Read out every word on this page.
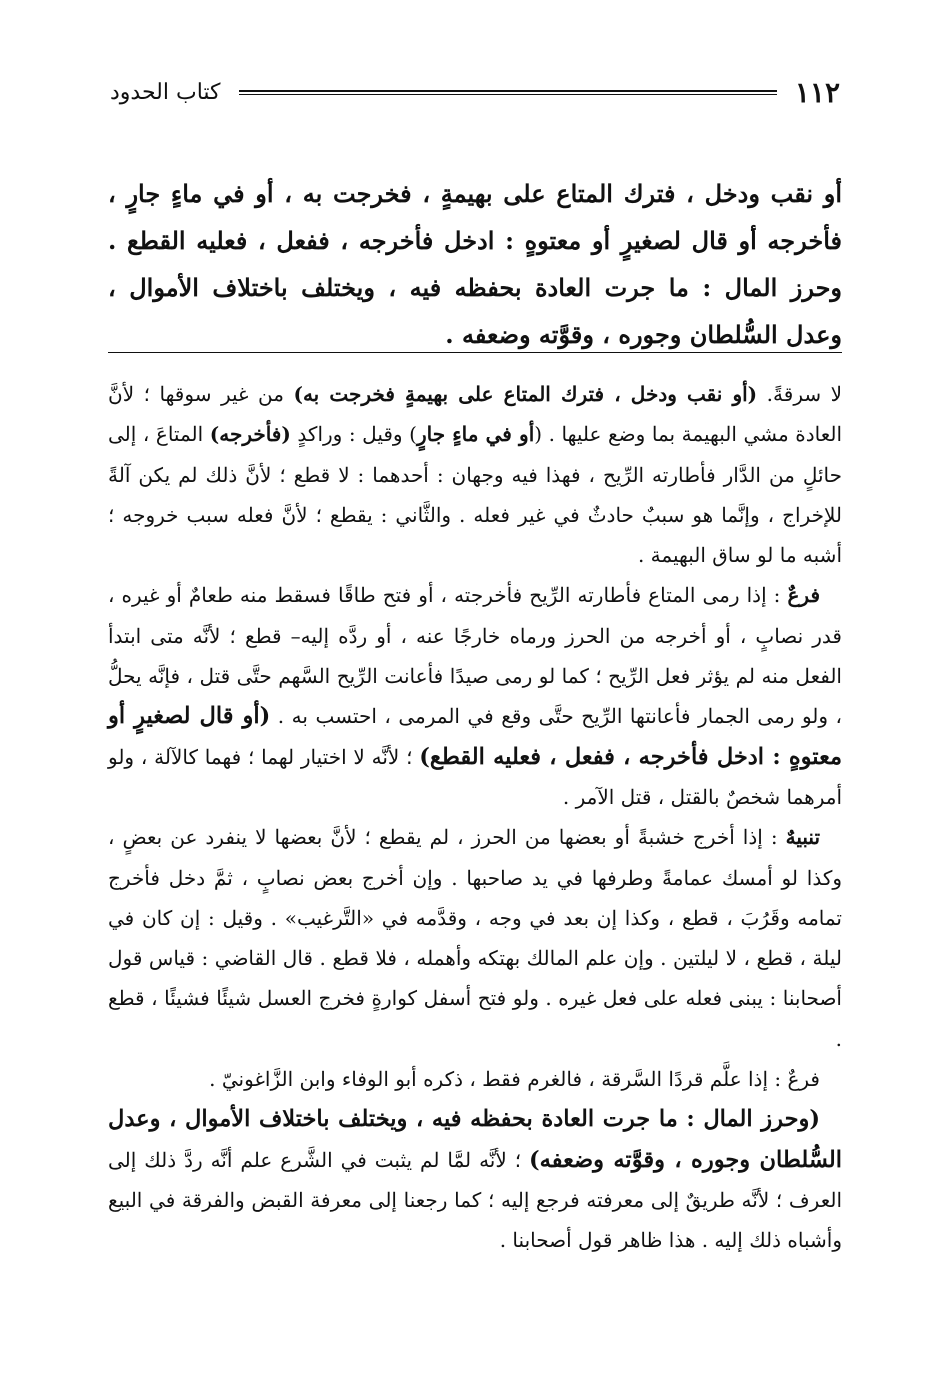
١١٢
كتاب الحدود

أو نقب ودخل ، فترك المتاع على بهيمةٍ ، فخرجت به ، أو في ماءٍ جارٍ ، فأخرجه أو قال لصغيرٍ أو معتوهٍ : ادخل فأخرجه ، ففعل ، فعليه القطع . وحرز المال : ما جرت العادة بحفظه فيه ، ويختلف باختلاف الأموال ، وعدل السُّلطان وجوره ، وقوَّته وضعفه .

لا سرقةً. (أو نقب ودخل ، فترك المتاع على بهيمةٍ فخرجت به) من غير سوقها ؛ لأنَّ العادة مشي البهيمة بما وضع عليها . (أو في ماءٍ جارٍ) وقيل : وراكدٍ (فأخرجه) المتاعَ ، إلى حائلٍ من الدَّار فأطارته الرِّيح ، فهذا فيه وجهان : أحدهما : لا قطع ؛ لأنَّ ذلك لم يكن آلةً للإخراج ، وإنَّما هو سببٌ حادثٌ في غير فعله . والثَّاني : يقطع ؛ لأنَّ فعله سبب خروجه ؛ أشبه ما لو ساق البهيمة .

فرعٌ : إذا رمى المتاع فأطارته الرِّيح فأخرجته ، أو فتح طاقًا فسقط منه طعامٌ أو غيره ، قدر نصابٍ ، أو أخرجه من الحرز ورماه خارجًا عنه ، أو ردَّه إليه– قطع ؛ لأنَّه متى ابتدأ الفعل منه لم يؤثر فعل الرِّيح ؛ كما لو رمى صيدًا فأعانت الرِّيح السَّهم حتَّى قتل ، فإنَّه يحلُّ ، ولو رمى الجمار فأعانتها الرِّيح حتَّى وقع في المرمى ، احتسب به . (أو قال لصغيرٍ أو معتوهٍ : ادخل فأخرجه ، ففعل ، فعليه القطع) ؛ لأنَّه لا اختيار لهما ؛ فهما كالآلة ، ولو أمرهما شخصٌ بالقتل ، قتل الآمر .

تنبيهٌ : إذا أخرج خشبةً أو بعضها من الحرز ، لم يقطع ؛ لأنَّ بعضها لا ينفرد عن بعضٍ ، وكذا لو أمسك عمامةً وطرفها في يد صاحبها . وإن أخرج بعض نصابٍ ، ثمَّ دخل فأخرج تمامه وقَرُبَ ، قطع ، وكذا إن بعد في وجه ، وقدَّمه في «التَّرغيب» . وقيل : إن كان في ليلة ، قطع ، لا ليلتين . وإن علم المالك بهتكه وأهمله ، فلا قطع . قال القاضي : قياس قول أصحابنا : يبنى فعله على فعل غيره . ولو فتح أسفل كوارةٍ فخرج العسل شيئًا فشيئًا ، قطع .

فرعٌ : إذا علَّم قردًا السَّرقة ، فالغرم فقط ، ذكره أبو الوفاء وابن الزَّاغونيّ .

(وحرز المال : ما جرت العادة بحفظه فيه ، ويختلف باختلاف الأموال ، وعدل السُّلطان وجوره ، وقوَّته وضعفه) ؛ لأنَّه لمَّا لم يثبت في الشَّرع علم أنَّه ردَّ ذلك إلى العرف ؛ لأنَّه طريقٌ إلى معرفته فرجع إليه ؛ كما رجعنا إلى معرفة القبض والفرقة في البيع وأشباه ذلك إليه . هذا ظاهر قول أصحابنا .
